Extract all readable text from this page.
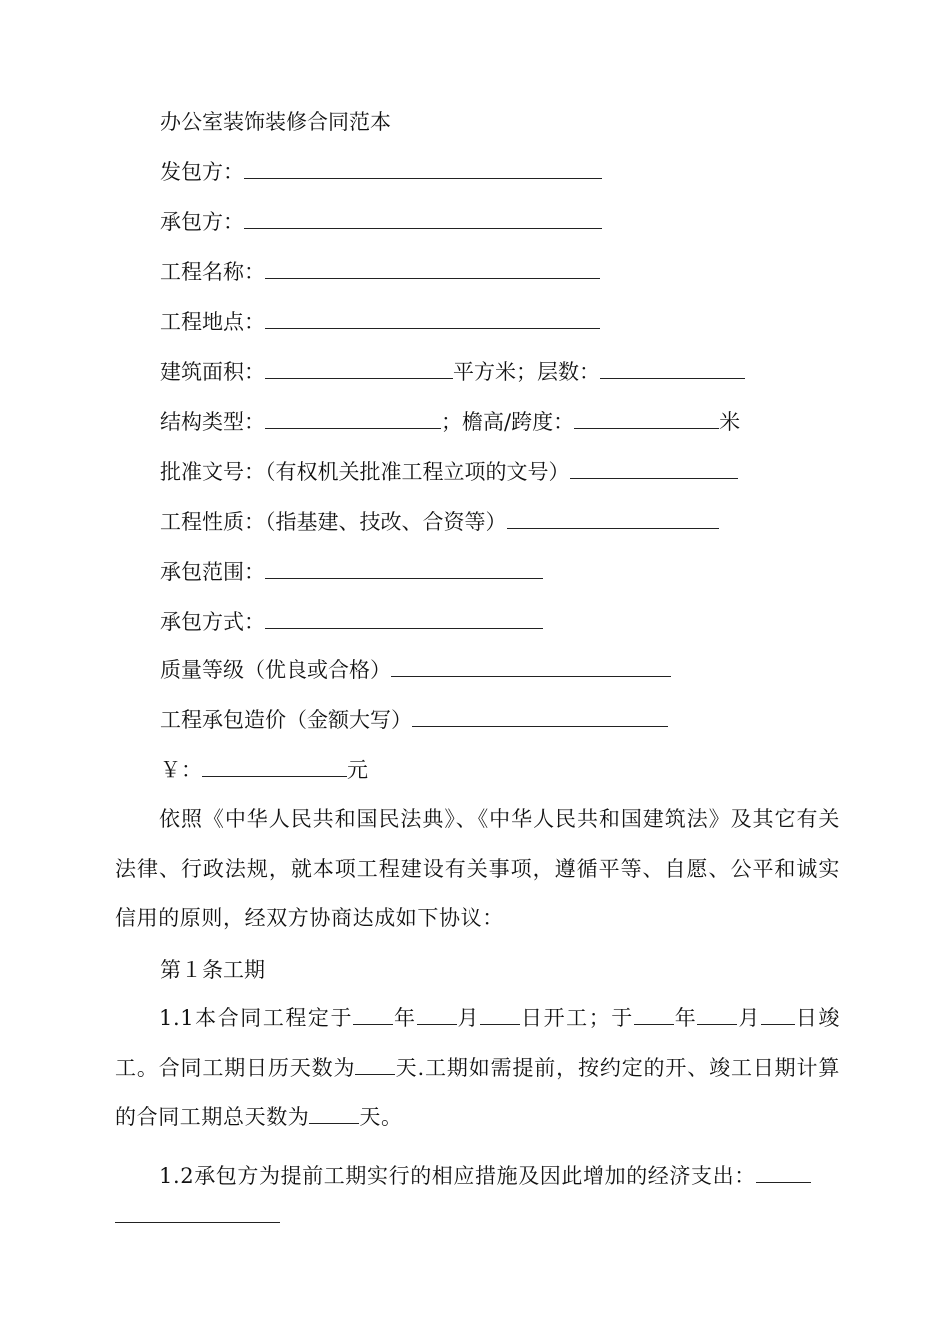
办公室装饰装修合同范本
发包方：
承包方：
工程名称：
工程地点：
建筑面积：	平方米；层数：
结构类型：	；檐高/跨度：	米
批准文号：（有权机关批准工程立项的文号）
工程性质：（指基建、技改、合资等）
承包范围：
承包方式：
质量等级（优良或合格）
工程承包造价（金额大写）
￥：	元
依照《中华人民共和国民法典》、《中华人民共和国建筑法》及其它有关法律、行政法规，就本项工程建设有关事项，遵循平等、自愿、公平和诚实信用的原则，经双方协商达成如下协议：
第１条工期
1.1本合同工程定于 年 月 日开工；于 年 月 日竣工。合同工期日历天数为 天.工期如需提前，按约定的开、竣工日期计算的合同工期总天数为 天。
1.2承包方为提前工期实行的相应措施及因此增加的经济支出：
